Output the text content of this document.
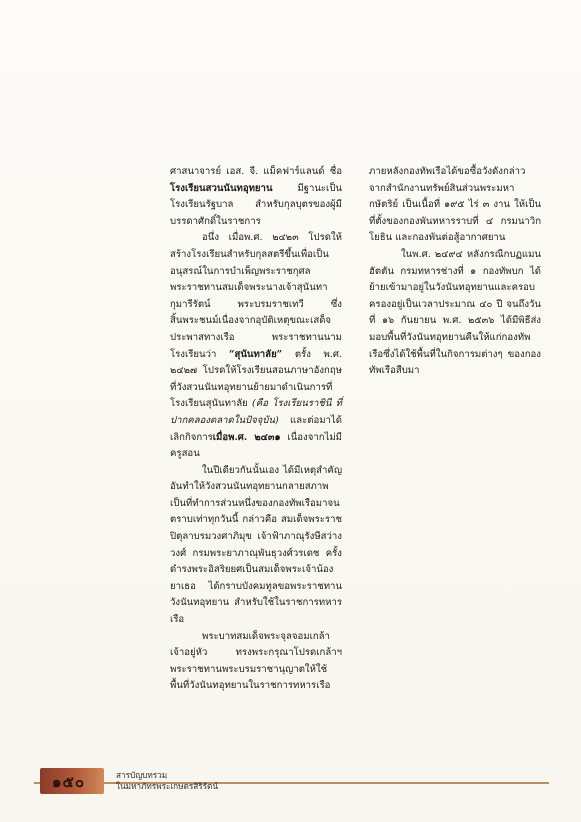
ศาสนาจารย์ เอส. จี. แม็คฟาร์แลนด์ ชื่อ โรงเรียนสวนนันทอุทยาน มีฐานะเป็นโรงเรียนรัฐบาล สำหรับกุลบุตรของผู้มีบรรดาศักดิ์ในราชการ

อนึ่ง เมื่อพ.ศ. ๒๔๒๓ โปรดให้สร้างโรงเรียนสำหรับกุลสตรีขึ้นเพื่อเป็นอนุสรณ์ในการบำเพ็ญพระราชกุศลพระราชทานสมเด็จพระนางเจ้าสุนันทากุมารีรัตน์ พระบรมราชเทวี ซึ่งสิ้นพระชนม์เนื่องจากอุบัติเหตุขณะเสด็จประพาสทางเรือ พระราชทานนามโรงเรียนว่า “สุนันทาลัย” ตรั้ง พ.ศ. ๒๔๒๗ โปรดให้โรงเรียนสอนภาษาอังกฤษ ที่วังสวนนันทอุทยานย้ายมาดำเนินการที่โรงเรียนสุนันทาลัย (คือ โรงเรียนราชินี ที่ปากคลองตลาดในปัจจุบัน) และต่อมาได้เลิกกิจการเมื่อพ.ศ. ๒๔๓๑ เนื่องจากไม่มีครูสอน

ในปีเดียวกันนั้นเอง ได้มีเหตุสำคัญอันทำให้วังสวนนันทอุทยานกลายสภาพเป็นที่ทำการส่วนหนึ่งของกองทัพเรือมาจนตราบเท่าทุกวันนี้ กล่าวคือ สมเด็จพระราชปิตุลาบรมวงศาภิมุข เจ้าฟ้าภาณุรังษีสว่างวงศ์ กรมพระยาภาณุพันธุวงศ์วรเดช ครั้งดำรงพระอิสริยยศเป็นสมเด็จพระเจ้าน้องยาเธอ ได้กราบบังคมทูลขอพระราชทานวังนันทอุทยาน สำหรับใช้ในราชการทหารเรือ

พระบาทสมเด็จพระจุลจอมเกล้าเจ้าอยู่หัว ทรงพระกรุณาโปรดเกล้าฯ พระราชทานพระบรมราชานุญาตให้ใช้พื้นที่วังนันทอุทยานในราชการทหารเรือ

ภายหลังกองทัพเรือได้ขอซื้อวังดังกล่าวจากสำนักงานทรัพย์สินส่วนพระมหากษัตริย์ เป็นเนื้อที่ ๑๙๕ ไร่ ๓ งาน ให้เป็นที่ตั้งของกองพันทหารราบที่ ๔ กรมนาวิกโยธิน และกองพันต่อสู้อากาศยาน

ในพ.ศ. ๒๔๙๔ หลังกรณีกบฏแมนฮัตตัน กรมทหารช่างที่ ๑ กองทัพบก ได้ย้ายเข้ามาอยู่ในวังนันทอุทยานและครอบครองอยู่เป็นเวลาประมาณ ๔๐ ปี จนถึงวันที่ ๑๖ กันยายน พ.ศ. ๒๕๓๖ ได้มีพิธีส่งมอบพื้นที่วังนันทอุทยานคืนให้แก่กองทัพเรือซึ่งได้ใช้พื้นที่ในกิจการมต่างๆ ของกองทัพเรือสืบมา

๑๕๐	สารบัญบทรวม
ในมหาภัทรพระเกษตรสิริรัตน์
